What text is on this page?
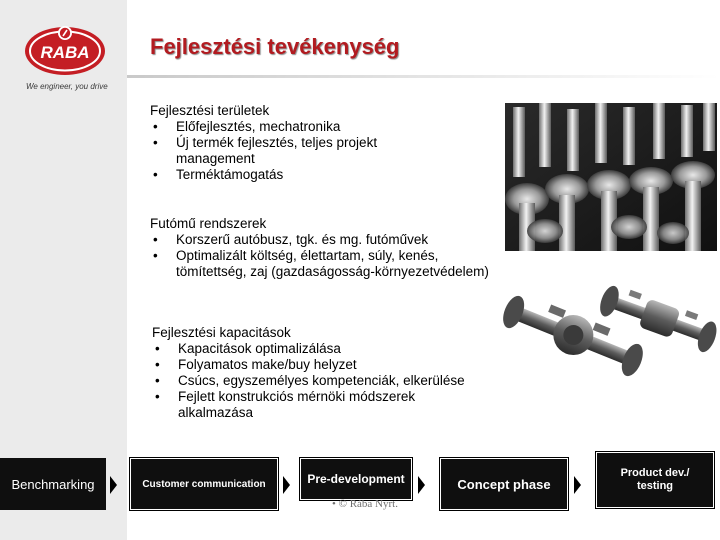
RABA
We engineer, you drive
Fejlesztési tevékenység
Fejlesztési területek
• Előfejlesztés, mechatronika
• Új termék fejlesztés, teljes projekt management
• Terméktámogatás
Futómű rendszerek
• Korszerű autóbusz, tgk. és mg. futóművek
• Optimalizált költség, élettartam, súly, kenés, tömítettség, zaj (gazdaságosság-környezetvédelem)
Fejlesztési kapacitások
• Kapacitások optimalizálása
• Folyamatos make/buy helyzet
• Csúcs, egyszemélyes kompetenciák, elkerülése
• Fejlett konstrukciós mérnöki módszerek alkalmazása
Benchmarking	Customer communication	Pre-development	Concept phase
Product dev./ testing
• © Rába Nyrt.
